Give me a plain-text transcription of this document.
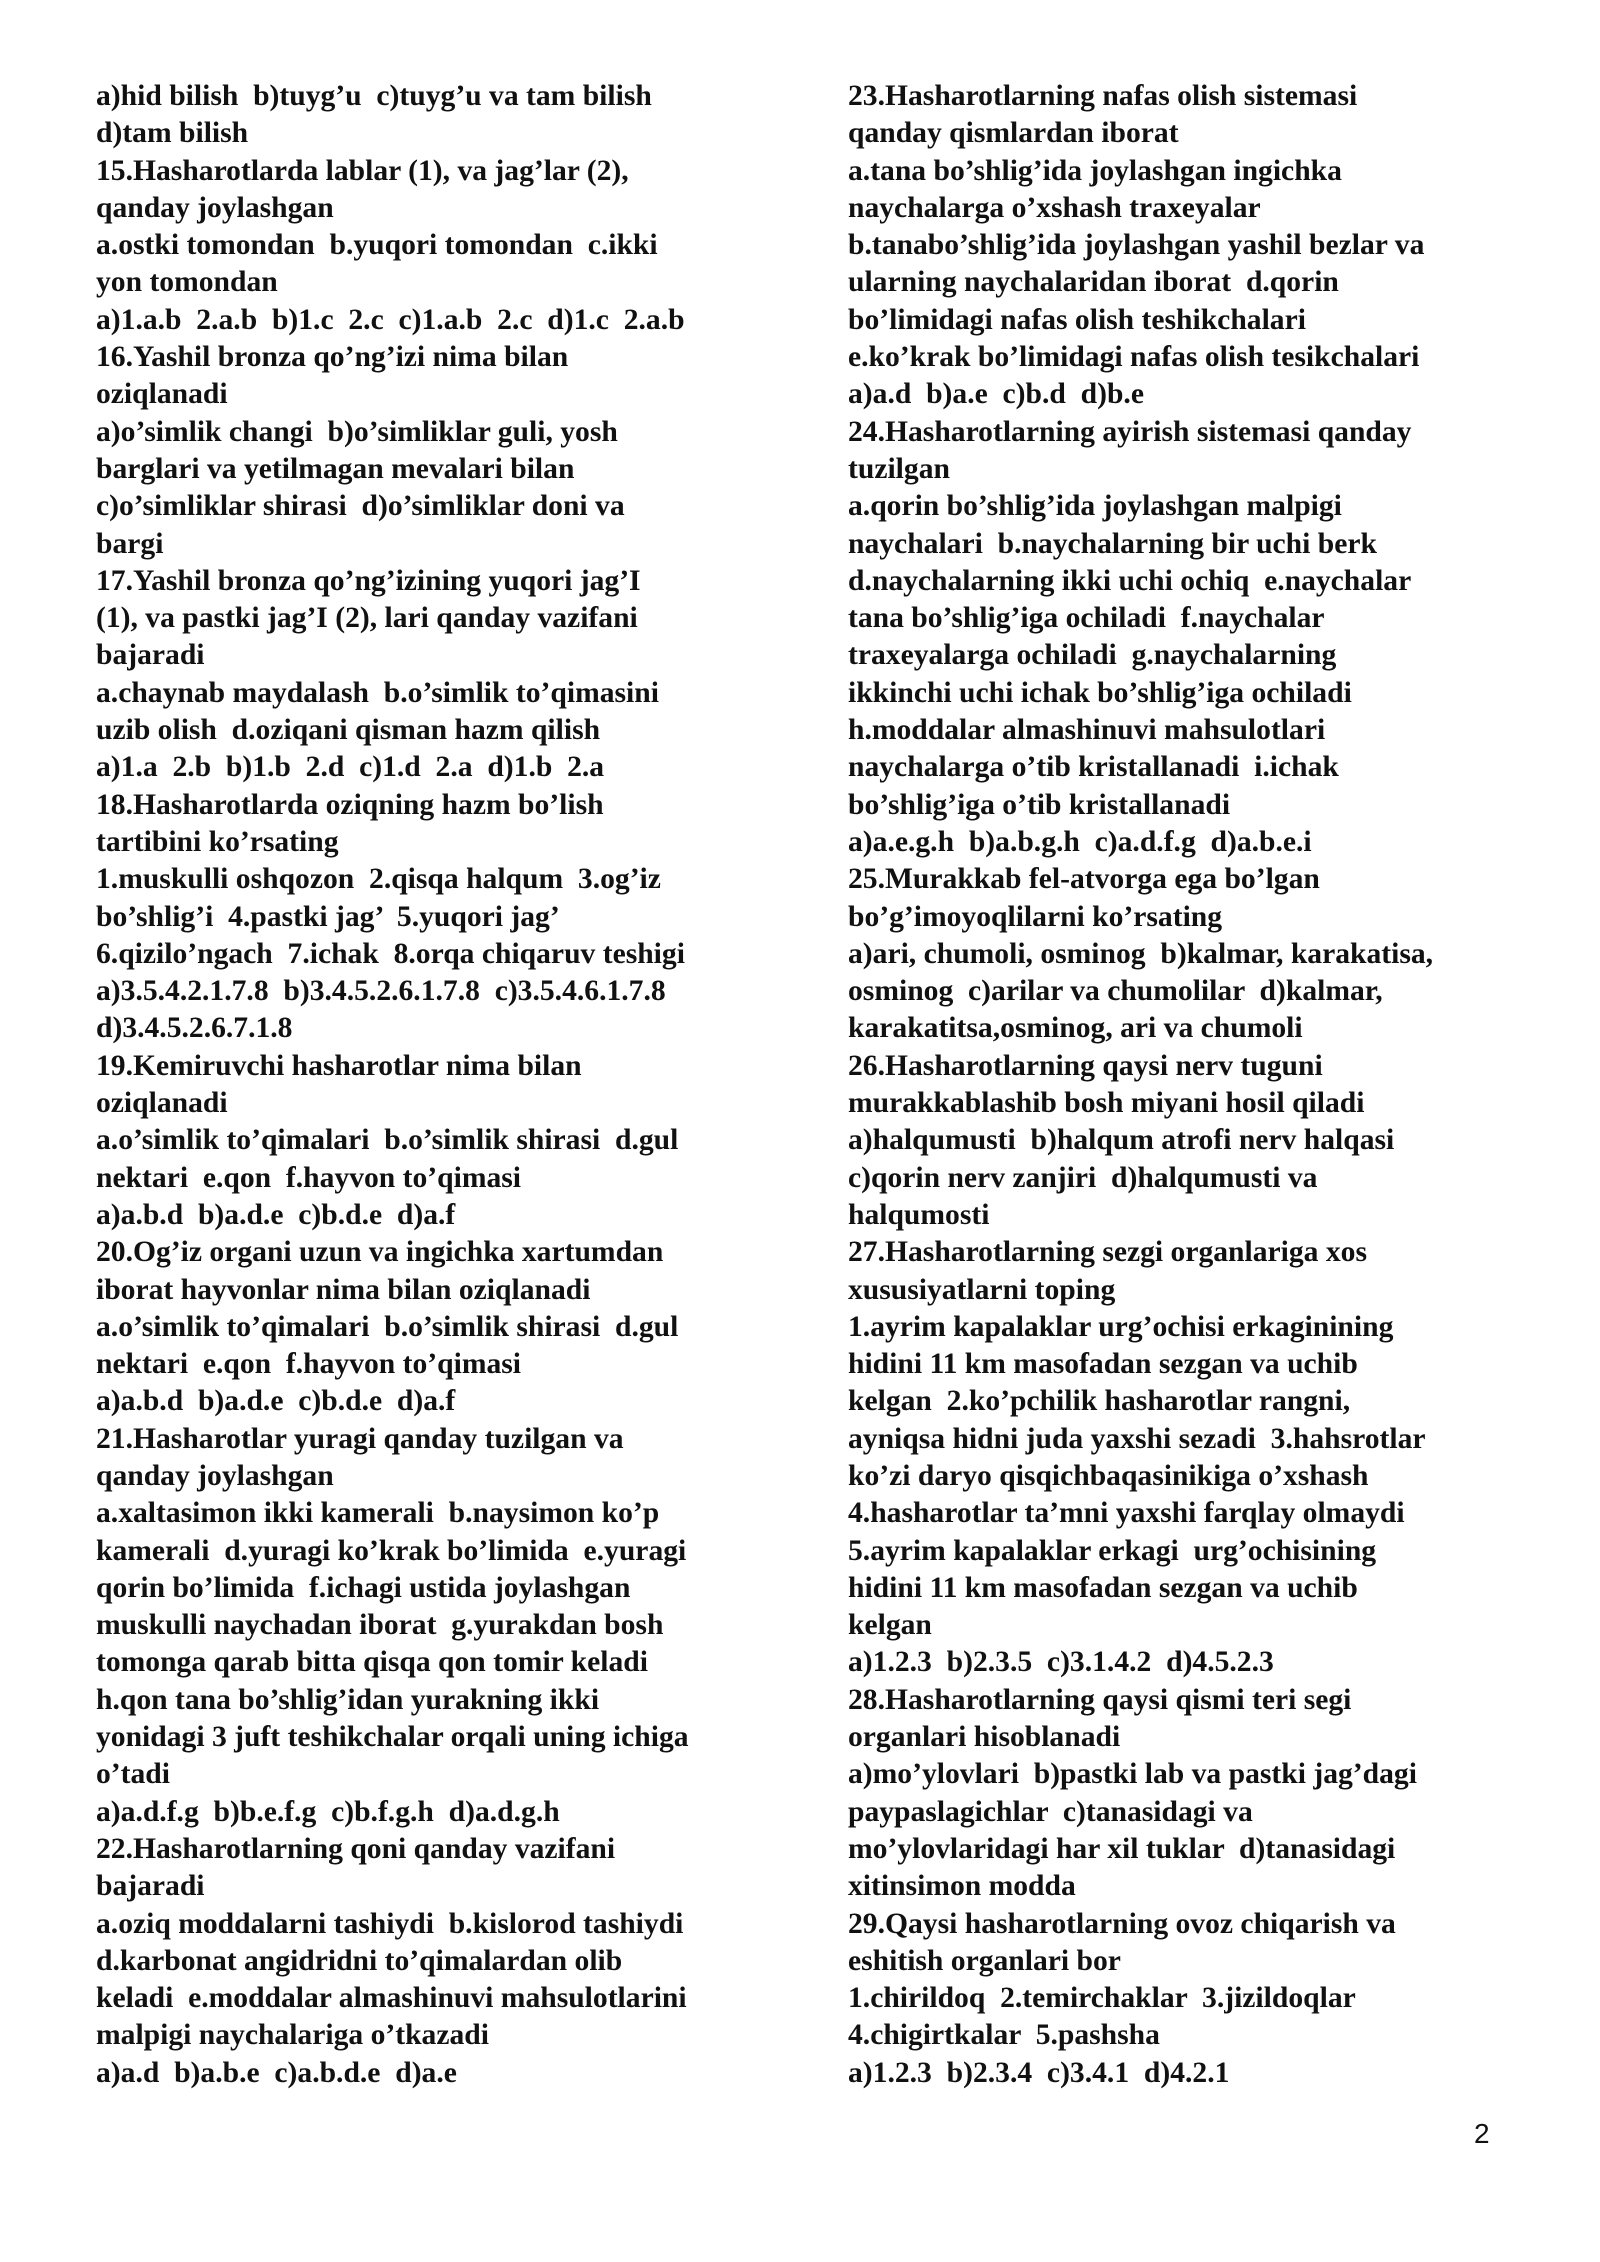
a)hid bilish  b)tuyg’u  c)tuyg’u va tam bilish
d)tam bilish
15.Hasharotlarda lablar (1), va jag’lar (2),
qanday joylashgan
a.ostki tomondan  b.yuqori tomondan  c.ikki
yon tomondan
a)1.a.b  2.a.b  b)1.c  2.c  c)1.a.b  2.c  d)1.c  2.a.b
16.Yashil bronza qo’ng’izi nima bilan
oziqlanadi
a)o’simlik changi  b)o’simliklar guli, yosh
barglari va yetilmagan mevalari bilan
c)o’simliklar shirasi  d)o’simliklar doni va
bargi
17.Yashil bronza qo’ng’izining yuqori jag’I
(1), va pastki jag’I (2), lari qanday vazifani
bajaradi
a.chaynab maydalash  b.o’simlik to’qimasini
uzib olish  d.oziqani qisman hazm qilish
a)1.a  2.b  b)1.b  2.d  c)1.d  2.a  d)1.b  2.a
18.Hasharotlarda oziqning hazm bo’lish
tartibini ko’rsating
1.muskulli oshqozon  2.qisqa halqum  3.og’iz
bo’shlig’i  4.pastki jag’  5.yuqori jag’
6.qizilo’ngach  7.ichak  8.orqa chiqaruv teshigi
a)3.5.4.2.1.7.8  b)3.4.5.2.6.1.7.8  c)3.5.4.6.1.7.8
d)3.4.5.2.6.7.1.8
19.Kemiruvchi hasharotlar nima bilan
oziqlanadi
a.o’simlik to’qimalari  b.o’simlik shirasi  d.gul
nektari  e.qon  f.hayvon to’qimasi
a)a.b.d  b)a.d.e  c)b.d.e  d)a.f
20.Og’iz organi uzun va ingichka xartumdan
iborat hayvonlar nima bilan oziqlanadi
a.o’simlik to’qimalari  b.o’simlik shirasi  d.gul
nektari  e.qon  f.hayvon to’qimasi
a)a.b.d  b)a.d.e  c)b.d.e  d)a.f
21.Hasharotlar yuragi qanday tuzilgan va
qanday joylashgan
a.xaltasimon ikki kamerali  b.naysimon ko’p
kamerali  d.yuragi ko’krak bo’limida  e.yuragi
qorin bo’limida  f.ichagi ustida joylashgan
muskulli naychadan iborat  g.yurakdan bosh
tomonga qarab bitta qisqa qon tomir keladi
h.qon tana bo’shlig’idan yurakning ikki
yonidagi 3 juft teshikchalar orqali uning ichiga
o’tadi
a)a.d.f.g  b)b.e.f.g  c)b.f.g.h  d)a.d.g.h
22.Hasharotlarning qoni qanday vazifani
bajaradi
a.oziq moddalarni tashiydi  b.kislorod tashiydi
d.karbonat angidridni to’qimalardan olib
keladi  e.moddalar almashinuvi mahsulotlarini
malpigi naychalariga o’tkazadi
a)a.d  b)a.b.e  c)a.b.d.e  d)a.e
23.Hasharotlarning nafas olish sistemasi
qanday qismlardan iborat
a.tana bo’shlig’ida joylashgan ingichka
naychalarga o’xshash traxeyalar
b.tanabo’shlig’ida joylashgan yashil bezlar va
ularning naychalaridan iborat  d.qorin
bo’limidagi nafas olish teshikchalari
e.ko’krak bo’limidagi nafas olish tesikchalari
a)a.d  b)a.e  c)b.d  d)b.e
24.Hasharotlarning ayirish sistemasi qanday
tuzilgan
a.qorin bo’shlig’ida joylashgan malpigi
naychalari  b.naychalarning bir uchi berk
d.naychalarning ikki uchi ochiq  e.naychalar
tana bo’shlig’iga ochiladi  f.naychalar
traxeyalarga ochiladi  g.naychalarning
ikkinchi uchi ichak bo’shlig’iga ochiladi
h.moddalar almashinuvi mahsulotlari
naychalarga o’tib kristallanadi  i.ichak
bo’shlig’iga o’tib kristallanadi
a)a.e.g.h  b)a.b.g.h  c)a.d.f.g  d)a.b.e.i
25.Murakkab fel-atvorga ega bo’lgan
bo’g’imoyoqlilarni ko’rsating
a)ari, chumoli, osminog  b)kalmar, karakatisa,
osminog  c)arilar va chumolilar  d)kalmar,
karakatitsa,osminog, ari va chumoli
26.Hasharotlarning qaysi nerv tuguni
murakkablashib bosh miyani hosil qiladi
a)halqumusti  b)halqum atrofi nerv halqasi
c)qorin nerv zanjiri  d)halqumusti va
halqumosti
27.Hasharotlarning sezgi organlariga xos
xususiyatlarni toping
1.ayrim kapalaklar urg’ochisi erkaginining
hidini 11 km masofadan sezgan va uchib
kelgan  2.ko’pchilik hasharotlar rangni,
ayniqsa hidni juda yaxshi sezadi  3.hahsrotlar
ko’zi daryo qisqichbaqasinikiga o’xshash
4.hasharotlar ta’mni yaxshi farqlay olmaydi
5.ayrim kapalaklar erkagi  urg’ochisining
hidini 11 km masofadan sezgan va uchib
kelgan
a)1.2.3  b)2.3.5  c)3.1.4.2  d)4.5.2.3
28.Hasharotlarning qaysi qismi teri segi
organlari hisoblanadi
a)mo’ylovlari  b)pastki lab va pastki jag’dagi
paypaslagichlar  c)tanasidagi va
mo’ylovlaridagi har xil tuklar  d)tanasidagi
xitinsimon modda
29.Qaysi hasharotlarning ovoz chiqarish va
eshitish organlari bor
1.chirildoq  2.temirchaklar  3.jizildoqlar
4.chigirtkalar  5.pashsha
a)1.2.3  b)2.3.4  c)3.4.1  d)4.2.1
2
